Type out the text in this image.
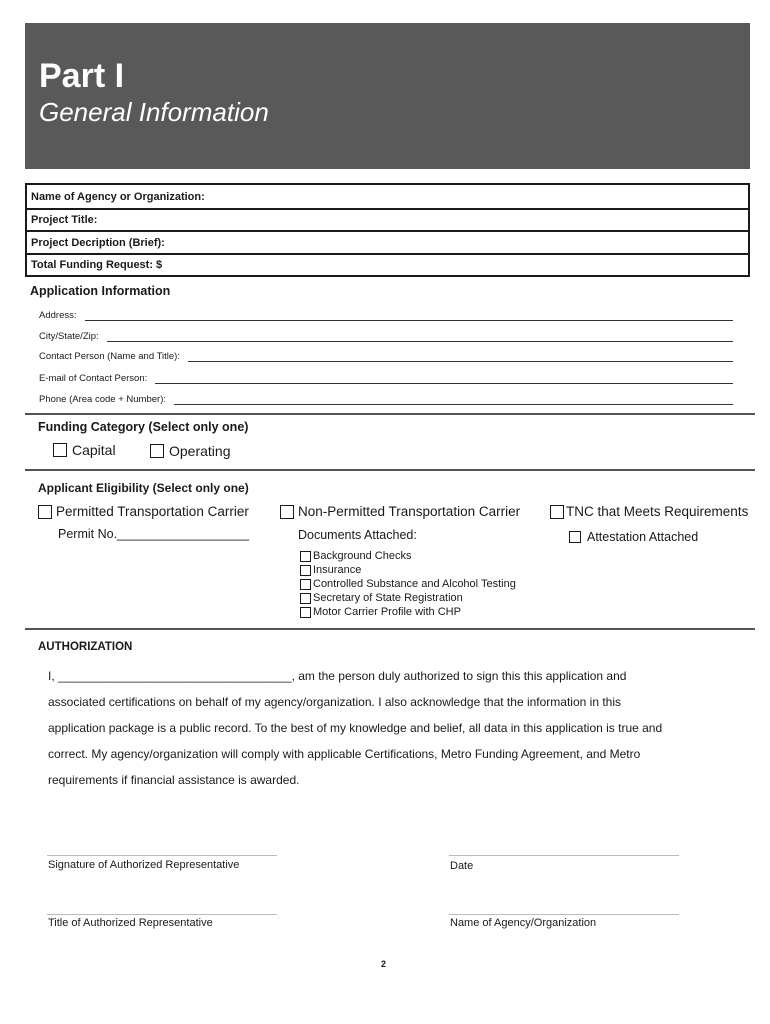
Part I
General Information
Name of Agency or Organization:
Project Title:
Project Decription (Brief):
Total Funding Request: $
Application Information
Address:
City/State/Zip:
Contact Person (Name and Title):
E-mail of Contact Person:
Phone (Area code + Number):
Funding Category (Select only one)
Capital	Operating
Applicant Eligibility (Select only one)
Permitted Transportation Carrier
Permit No.___________________
Non-Permitted Transportation Carrier
Documents Attached:
Background Checks
Insurance
Controlled Substance and Alcohol Testing
Secretary of State Registration
Motor Carrier Profile with CHP
TNC that Meets Requirements
Attestation Attached
AUTHORIZATION
I, ___________________________________, am the person duly authorized to sign this this application and
associated certifications on behalf of my agency/organization. I also acknowledge that the information in this
application package is a public record. To the best of my knowledge and belief, all data in this application is true and
correct. My agency/organization will comply with applicable Certifications, Metro Funding Agreement, and Metro
requirements if financial assistance is awarded.
Signature of Authorized Representative	Date
Title of Authorized Representative	Name of Agency/Organization
2
